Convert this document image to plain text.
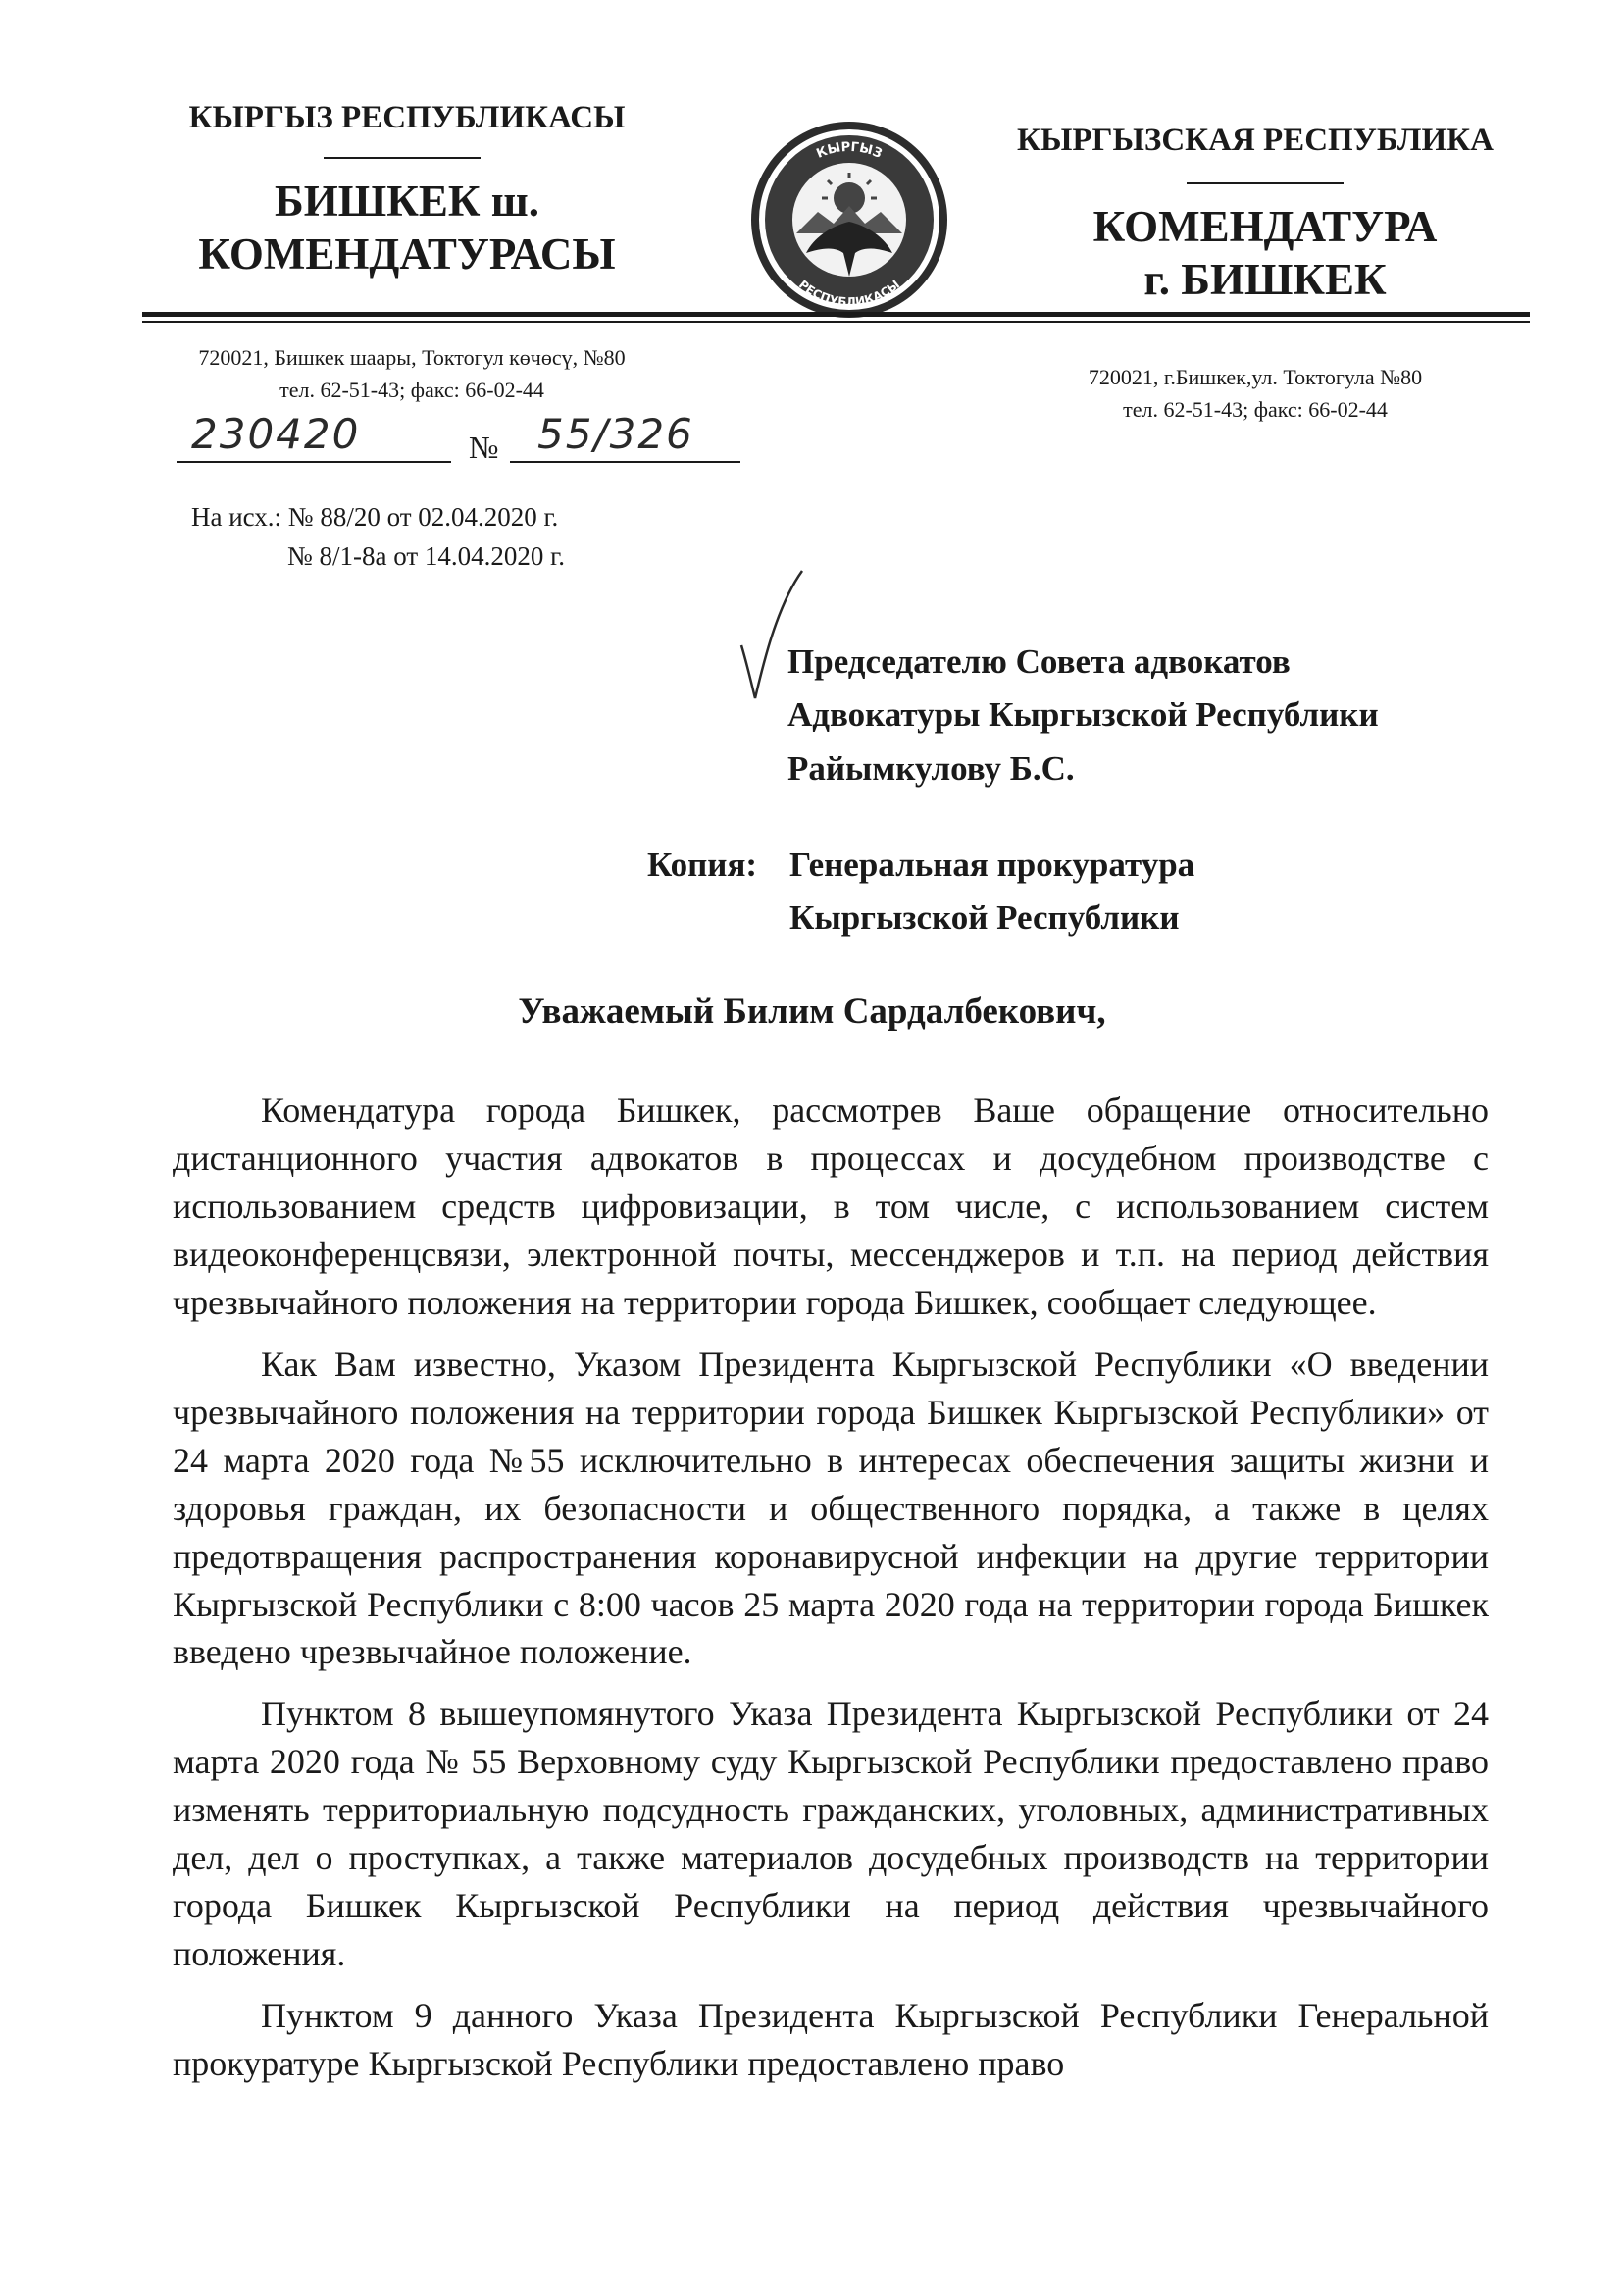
КЫРГЫЗ РЕСПУБЛИКАСЫ
БИШКЕК ш.
КОМЕНДАТУРАСЫ
КЫРГЫЗСКАЯ РЕСПУБЛИКА
КОМЕНДАТУРА
г. БИШКЕК
КЫРГЫЗ
РЕСПУБЛИКАСЫ
720021, Бишкек шаары, Токтогул көчөсү, №80
тел. 62-51-43; факс: 66-02-44
720021, г.Бишкек,ул. Токтогула №80
тел. 62-51-43; факс: 66-02-44
230420	№ 55/326
На исх.: № 88/20 от 02.04.2020 г.
№ 8/1-8а от 14.04.2020 г.
Председателю Совета адвокатов
Адвокатуры Кыргызской Республики
Райымкулову Б.С.
Копия: Генеральная прокуратура
Кыргызской Республики
Уважаемый Билим Сардалбекович,

Комендатура города Бишкек, рассмотрев Ваше обращение относительно дистанционного участия адвокатов в процессах и досудебном производстве с использованием средств цифровизации, в том числе, с использованием систем видеоконференцсвязи, электронной почты, мессенджеров и т.п. на период действия чрезвычайного положения на территории города Бишкек, сообщает следующее.

Как Вам известно, Указом Президента Кыргызской Республики «О введении чрезвычайного положения на территории города Бишкек Кыргызской Республики» от 24 марта 2020 года №55 исключительно в интересах обеспечения защиты жизни и здоровья граждан, их безопасности и общественного порядка, а также в целях предотвращения распространения коронавирусной инфекции на другие территории Кыргызской Республики с 8:00 часов 25 марта 2020 года на территории города Бишкек введено чрезвычайное положение.

Пунктом 8 вышеупомянутого Указа Президента Кыргызской Республики от 24 марта 2020 года № 55 Верховному суду Кыргызской Республики предоставлено право изменять территориальную подсудность гражданских, уголовных, административных дел, дел о проступках, а также материалов досудебных производств на территории города Бишкек Кыргызской Республики на период действия чрезвычайного положения.

Пунктом 9 данного Указа Президента Кыргызской Республики Генеральной прокуратуре Кыргызской Республики предоставлено право
